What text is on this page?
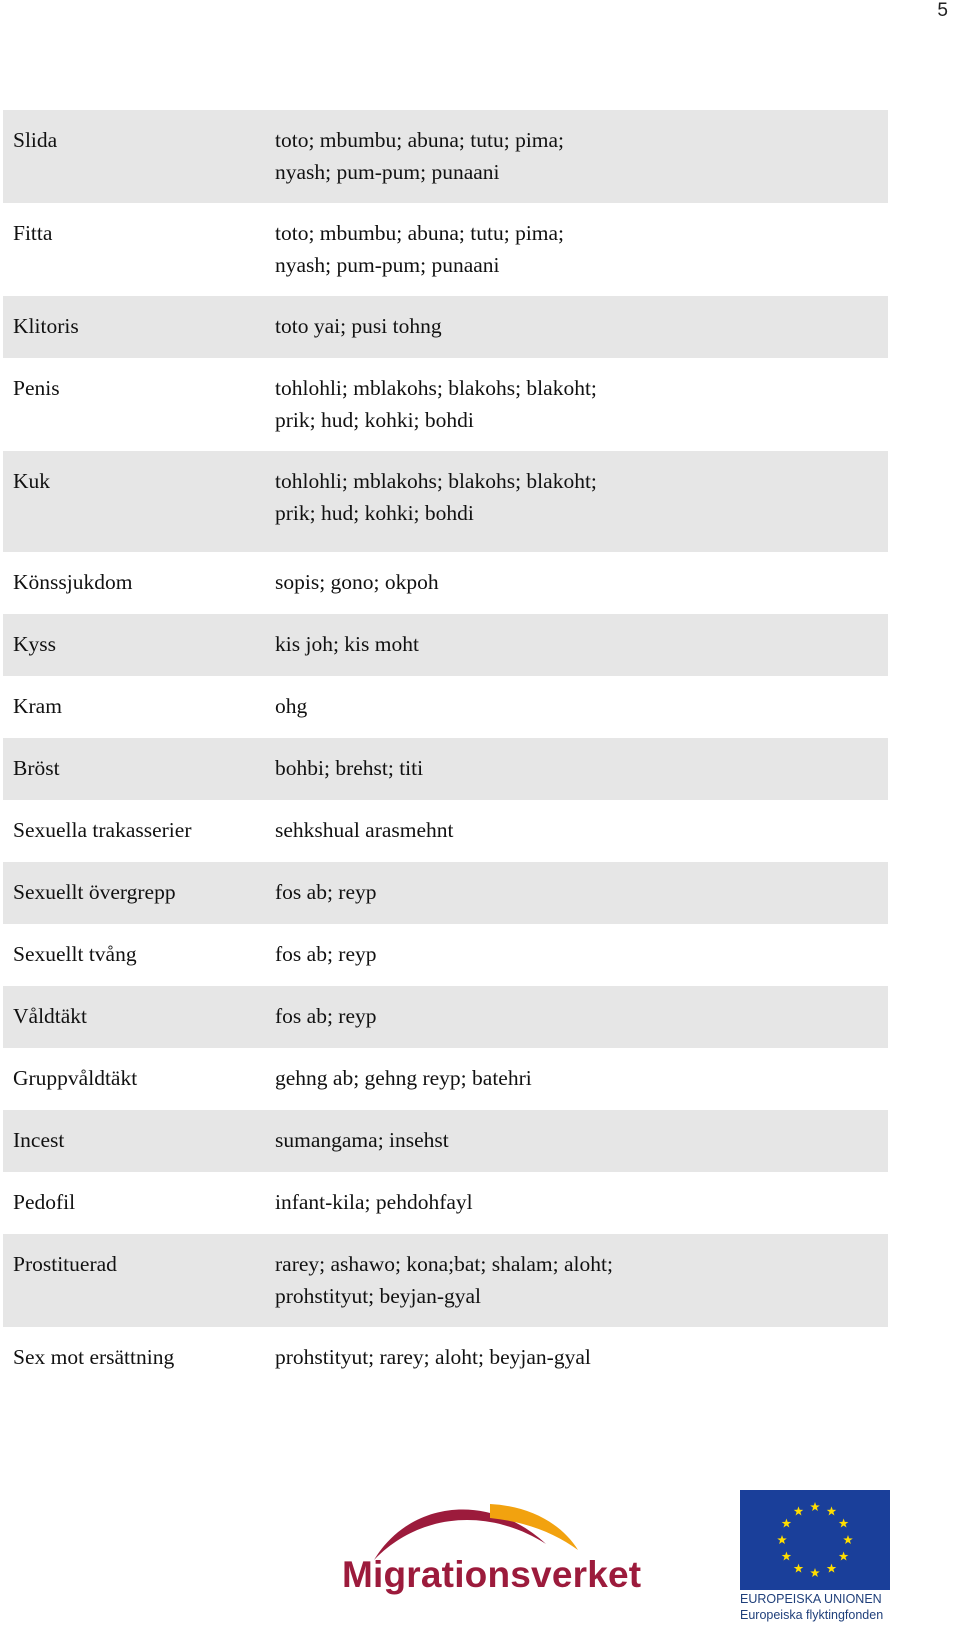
5
Slida	toto; mbumbu; abuna; tutu; pima;
nyash; pum-pum; punaani
Fitta	toto; mbumbu; abuna; tutu; pima;
nyash; pum-pum; punaani
Klitoris	toto yai; pusi tohng
Penis	tohlohli; mblakohs; blakohs; blakoht;
prik; hud; kohki; bohdi
Kuk	tohlohli; mblakohs; blakohs; blakoht;
prik; hud; kohki; bohdi
Könssjukdom	sopis; gono; okpoh
Kyss	kis joh; kis moht
Kram	ohg
Bröst	bohbi; brehst; titi
Sexuella trakasserier	sehkshual arasmehnt
Sexuellt övergrepp	fos ab; reyp
Sexuellt tvång	fos ab; reyp
Våldtäkt	fos ab; reyp
Gruppvåldtäkt	gehng ab; gehng reyp; batehri
Incest	sumangama; insehst
Pedofil	infant-kila; pehdohfayl
Prostituerad	rarey; ashawo; kona;bat; shalam; aloht;
prohstityut; beyjan-gyal
Sex mot ersättning	prohstityut; rarey; aloht; beyjan-gyal
Migrationsverket
EUROPEISKA UNIONEN
Europeiska flyktingfonden
